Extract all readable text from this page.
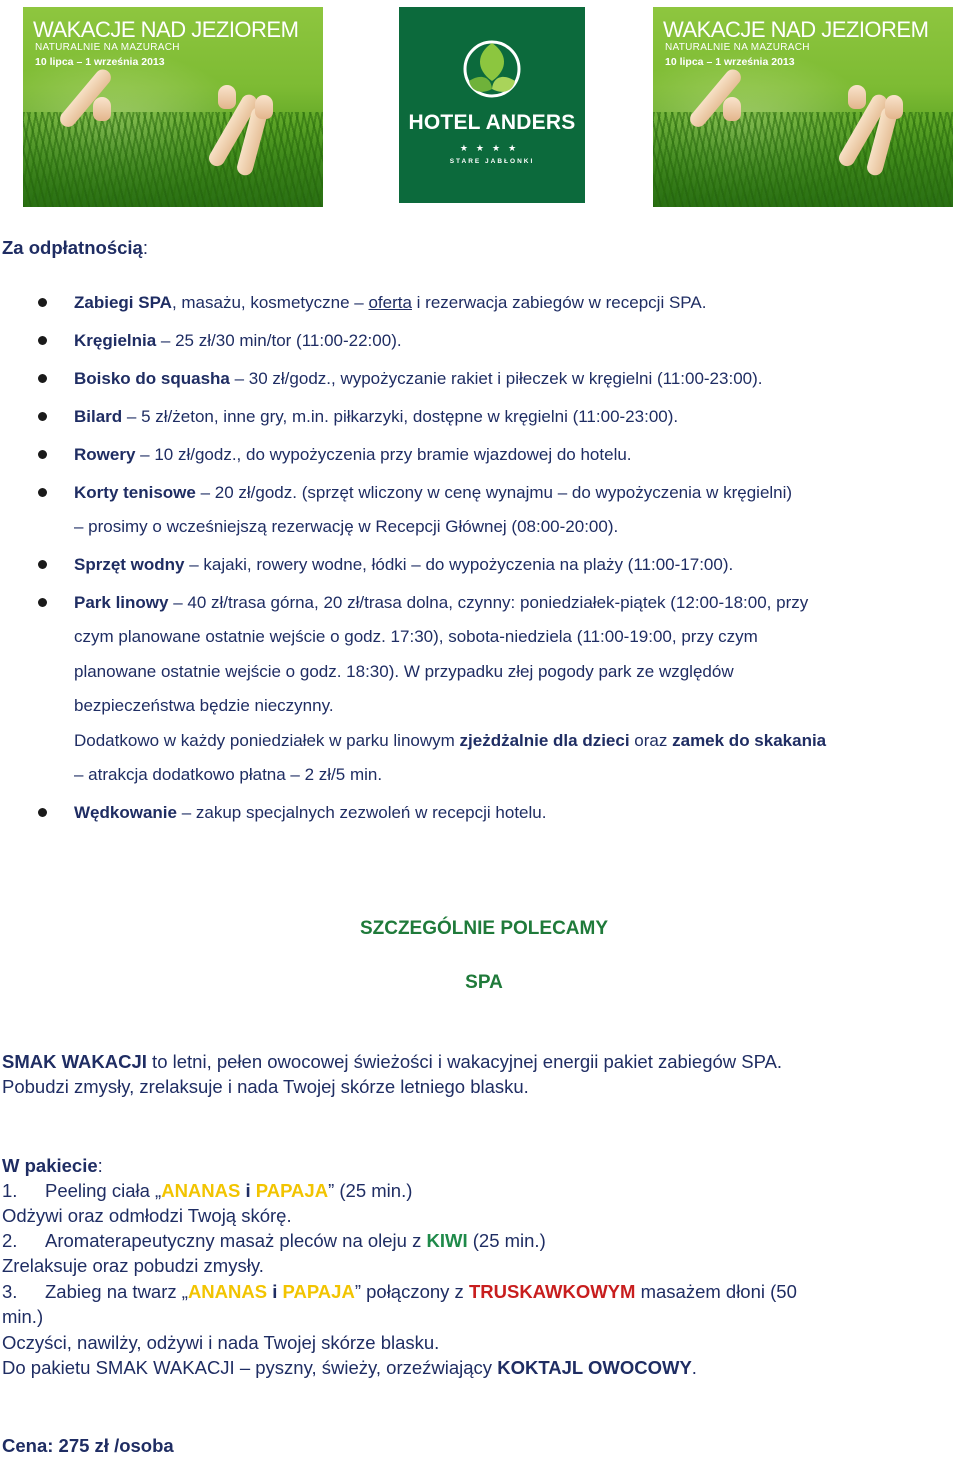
WAKACJE NAD JEZIOREM
NATURALNIE NA MAZURACH
10 lipca – 1 września 2013
HOTEL ANDERS
★★★★
STARE JABŁONKI
WAKACJE NAD JEZIOREM
NATURALNIE NA MAZURACH
10 lipca – 1 września 2013
Za odpłatnością:
Zabiegi SPA, masażu, kosmetyczne – oferta i rezerwacja zabiegów w recepcji SPA.
Kręgielnia – 25 zł/30 min/tor (11:00-22:00).
Boisko do squasha – 30 zł/godz., wypożyczanie rakiet i piłeczek w kręgielni (11:00-23:00).
Bilard – 5 zł/żeton, inne gry, m.in. piłkarzyki, dostępne w kręgielni (11:00-23:00).
Rowery – 10 zł/godz., do wypożyczenia przy bramie wjazdowej do hotelu.
Korty tenisowe – 20 zł/godz. (sprzęt wliczony w cenę wynajmu – do wypożyczenia w kręgielni)
– prosimy o wcześniejszą rezerwację w Recepcji Głównej (08:00-20:00).
Sprzęt wodny – kajaki, rowery wodne, łódki – do wypożyczenia na plaży (11:00-17:00).
Park linowy – 40 zł/trasa górna, 20 zł/trasa dolna, czynny: poniedziałek-piątek (12:00-18:00, przy
czym planowane ostatnie wejście o godz. 17:30), sobota-niedziela (11:00-19:00, przy czym
planowane ostatnie wejście o godz. 18:30). W przypadku złej pogody park ze względów
bezpieczeństwa będzie nieczynny.
Dodatkowo w każdy poniedziałek w parku linowym zjeżdżalnie dla dzieci oraz zamek do skakania
– atrakcja dodatkowo płatna – 2 zł/5 min.
Wędkowanie – zakup specjalnych zezwoleń w recepcji hotelu.
SZCZEGÓLNIE POLECAMY
SPA
SMAK WAKACJI to letni, pełen owocowej świeżości i wakacyjnej energii pakiet zabiegów SPA.
Pobudzi zmysły, zrelaksuje i nada Twojej skórze letniego blasku.
W pakiecie:
1. Peeling ciała „ANANAS i PAPAJA” (25 min.)
Odżywi oraz odmłodzi Twoją skórę.
2. Aromaterapeutyczny masaż pleców na oleju z KIWI (25 min.)
Zrelaksuje oraz pobudzi zmysły.
3. Zabieg na twarz „ANANAS i PAPAJA” połączony z TRUSKAWKOWYM masażem dłoni (50
min.)
Oczyści, nawilży, odżywi i nada Twojej skórze blasku.
Do pakietu SMAK WAKACJI – pyszny, świeży, orzeźwiający KOKTAJL OWOCOWY.
Cena: 275 zł /osoba
